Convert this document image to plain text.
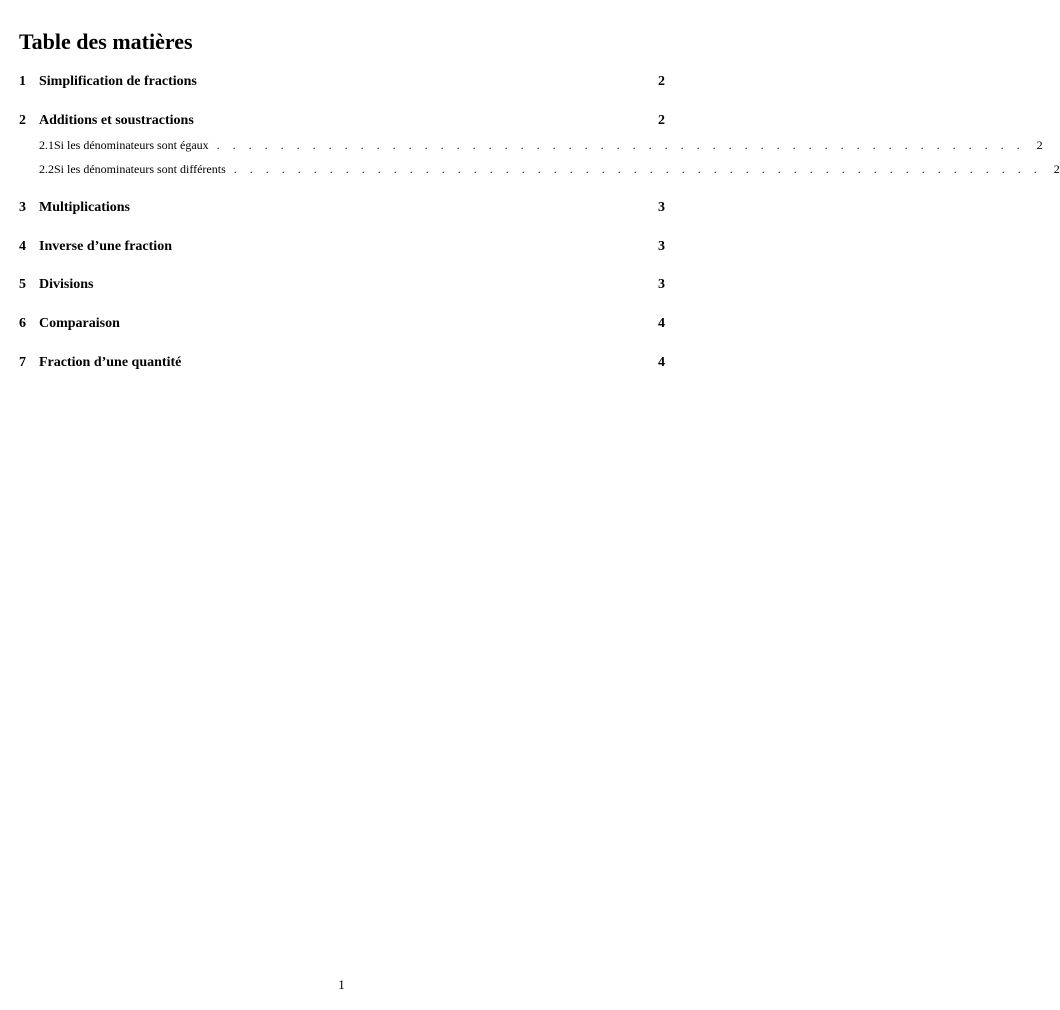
Table des matières
1 Simplification de fractions	2
2 Additions et soustractions	2
2.1 Si les dénominateurs sont égaux . . . . . . . . . . . . . . . . . . . . . . . . . . . . . . . . . . . . . . . . . . . . . . . . . . . 2
2.2 Si les dénominateurs sont différents . . . . . . . . . . . . . . . . . . . . . . . . . . . . . . . . . . . . . . . . . . . . . . . . . . . 2
3 Multiplications	3
4 Inverse d’une fraction	3
5 Divisions	3
6 Comparaison	4
7 Fraction d’une quantité	4
1
